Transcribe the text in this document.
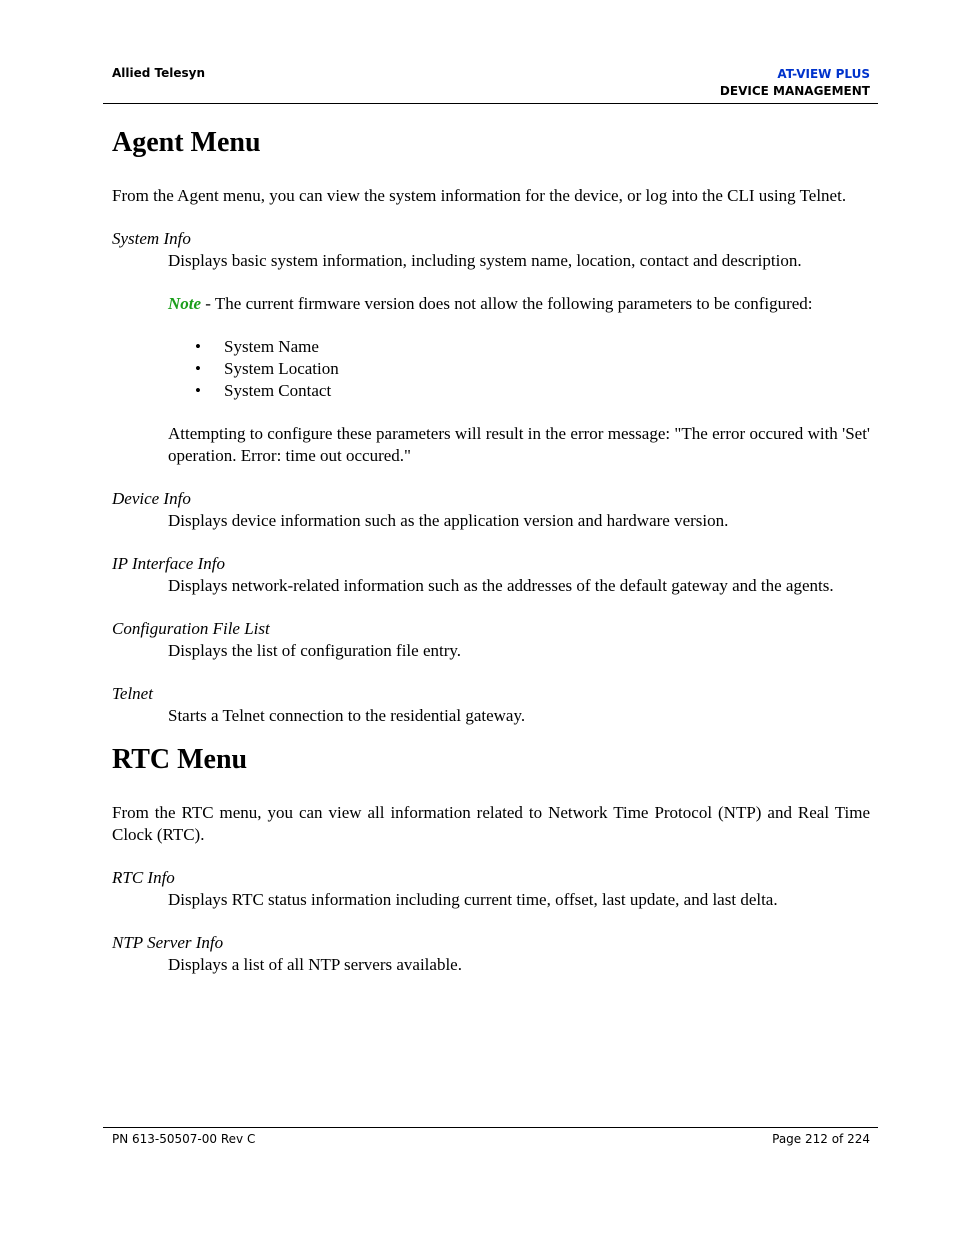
Allied Telesyn	AT-VIEW PLUS
DEVICE MANAGEMENT
Agent Menu

From the Agent menu, you can view the system information for the device, or log into the CLI using Telnet.

System Info

Displays basic system information, including system name, location, contact and description.

Note - The current firmware version does not allow the following parameters to be configured:

• System Name
• System Location
• System Contact

Attempting to configure these parameters will result in the error message: "The error occured with 'Set' operation. Error: time out occured."

Device Info

Displays device information such as the application version and hardware version.

IP Interface Info

Displays network-related information such as the addresses of the default gateway and the agents.

Configuration File List

Displays the list of configuration file entry.

Telnet

Starts a Telnet connection to the residential gateway.

RTC Menu

From the RTC menu, you can view all information related to Network Time Protocol (NTP) and Real Time Clock (RTC).

RTC Info

Displays RTC status information including current time, offset, last update, and last delta.

NTP Server Info

Displays a list of all NTP servers available.

PN 613-50507-00 Rev C	Page 212 of 224
